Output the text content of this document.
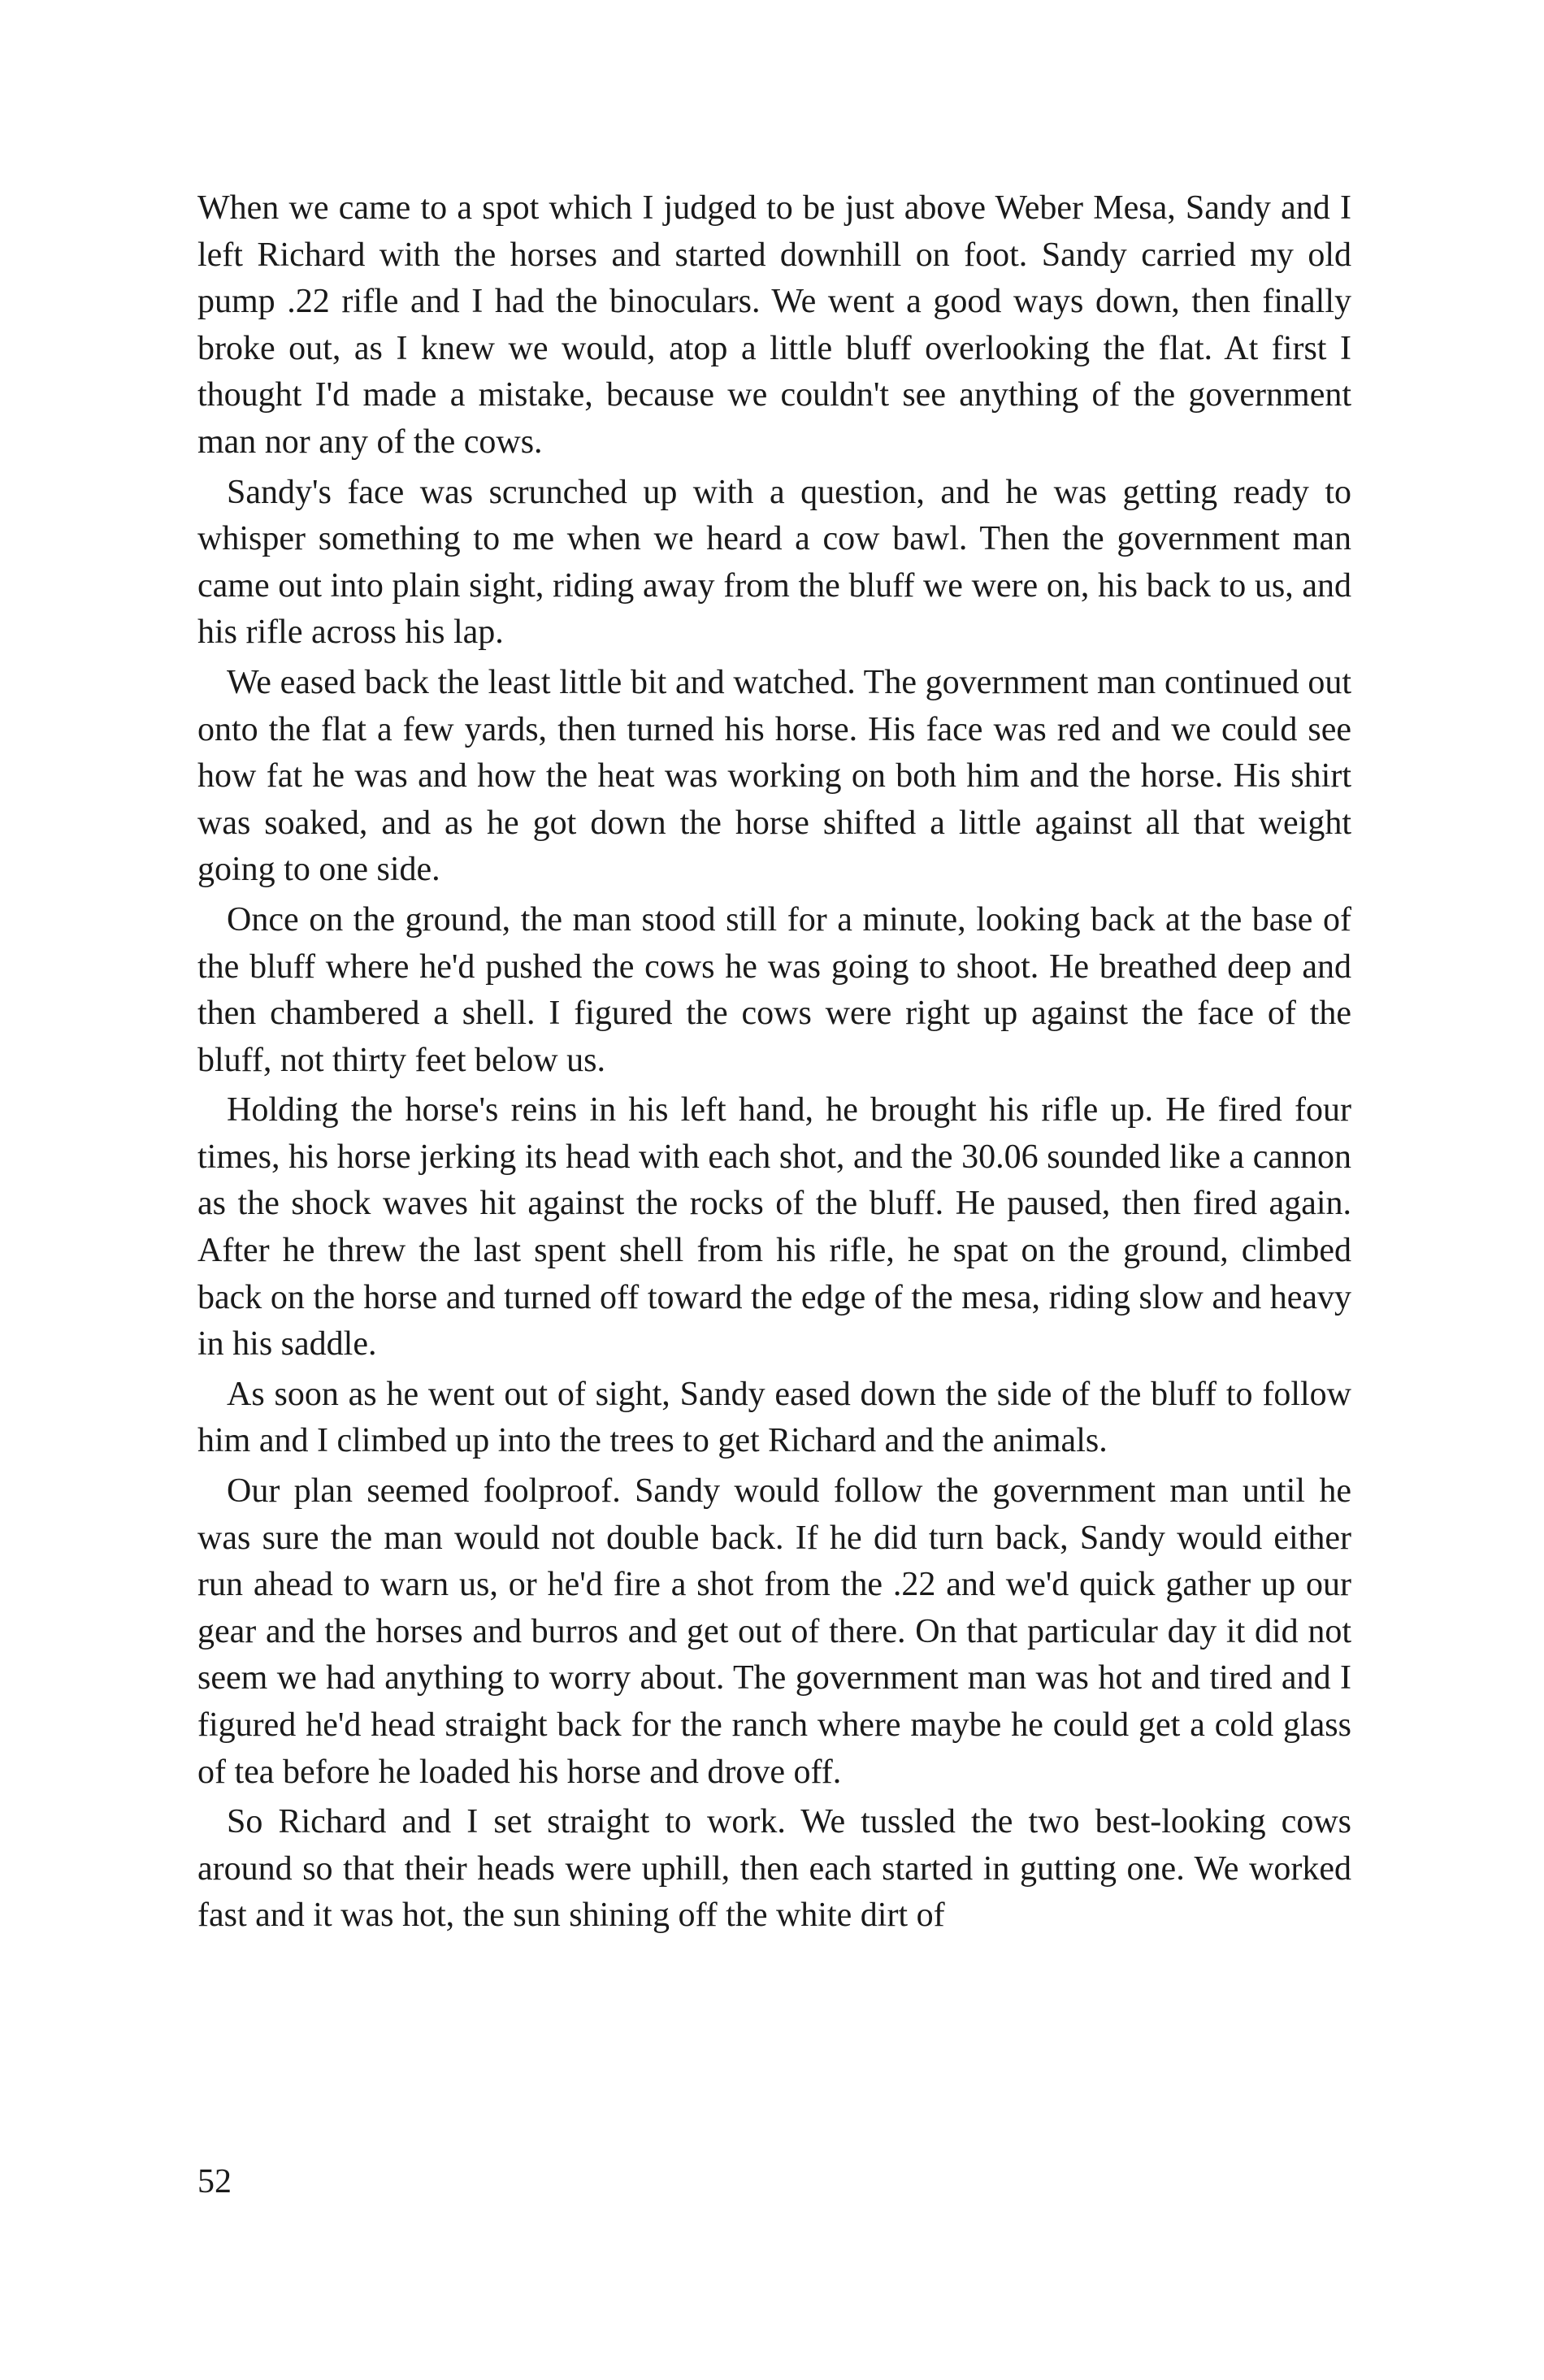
When we came to a spot which I judged to be just above Weber Mesa, Sandy and I left Richard with the horses and started downhill on foot. Sandy carried my old pump .22 rifle and I had the binoculars. We went a good ways down, then finally broke out, as I knew we would, atop a little bluff overlooking the flat. At first I thought I'd made a mistake, because we couldn't see anything of the government man nor any of the cows.

Sandy's face was scrunched up with a question, and he was getting ready to whisper something to me when we heard a cow bawl. Then the government man came out into plain sight, riding away from the bluff we were on, his back to us, and his rifle across his lap.

We eased back the least little bit and watched. The government man continued out onto the flat a few yards, then turned his horse. His face was red and we could see how fat he was and how the heat was working on both him and the horse. His shirt was soaked, and as he got down the horse shifted a little against all that weight going to one side.

Once on the ground, the man stood still for a minute, looking back at the base of the bluff where he'd pushed the cows he was going to shoot. He breathed deep and then chambered a shell. I figured the cows were right up against the face of the bluff, not thirty feet below us.

Holding the horse's reins in his left hand, he brought his rifle up. He fired four times, his horse jerking its head with each shot, and the 30.06 sounded like a cannon as the shock waves hit against the rocks of the bluff. He paused, then fired again. After he threw the last spent shell from his rifle, he spat on the ground, climbed back on the horse and turned off toward the edge of the mesa, riding slow and heavy in his saddle.

As soon as he went out of sight, Sandy eased down the side of the bluff to follow him and I climbed up into the trees to get Richard and the animals.

Our plan seemed foolproof. Sandy would follow the government man until he was sure the man would not double back. If he did turn back, Sandy would either run ahead to warn us, or he'd fire a shot from the .22 and we'd quick gather up our gear and the horses and burros and get out of there. On that particular day it did not seem we had anything to worry about. The government man was hot and tired and I figured he'd head straight back for the ranch where maybe he could get a cold glass of tea before he loaded his horse and drove off.

So Richard and I set straight to work. We tussled the two best-looking cows around so that their heads were uphill, then each started in gutting one. We worked fast and it was hot, the sun shining off the white dirt of

52
